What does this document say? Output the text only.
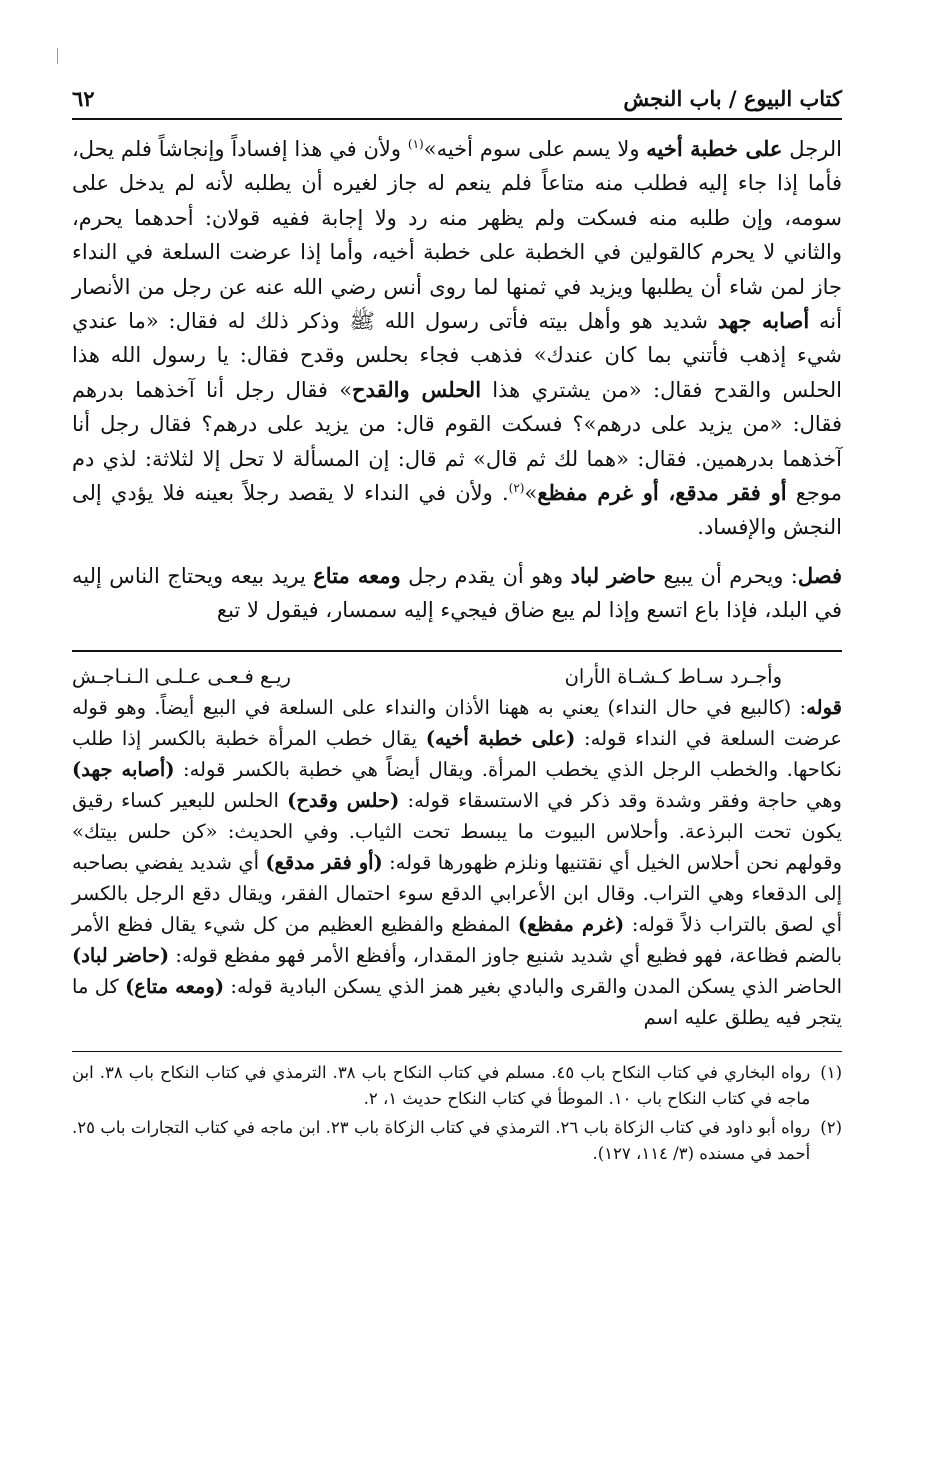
كتاب البيوع / باب النجش
٦٢

الرجل على خطبة أخيه ولا يسم على سوم أخيه»$^{(١)}$ ولأن في هذا إفساداً وإنجاشاً فلم يحل، فأما إذا جاء إليه فطلب منه متاعاً فلم ينعم له جاز لغيره أن يطلبه لأنه لم يدخل على سومه، وإن طلبه منه فسكت ولم يظهر منه رد ولا إجابة ففيه قولان: أحدهما يحرم، والثاني لا يحرم كالقولين في الخطبة على خطبة أخيه، وأما إذا عرضت السلعة في النداء جاز لمن شاء أن يطلبها ويزيد في ثمنها لما روى أنس رضي الله عنه عن رجل من الأنصار أنه أصابه جهد شديد هو وأهل بيته فأتى رسول الله ﷺ وذكر ذلك له فقال: «ما عندي شيء إذهب فأتني بما كان عندك» فذهب فجاء بحلس وقدح فقال: يا رسول الله هذا الحلس والقدح فقال: «من يشتري هذا الحلس والقدح» فقال رجل أنا آخذهما بدرهم فقال: «من يزيد على درهم»؟ فسكت القوم قال: من يزيد على درهم؟ فقال رجل أنا آخذهما بدرهمين. فقال: «هما لك ثم قال» ثم قال: إن المسألة لا تحل إلا لثلاثة: لذي دم موجع أو فقر مدقع، أو غرم مفظع»$^{(٢)}$. ولأن في النداء لا يقصد رجلاً بعينه فلا يؤدي إلى النجش والإفساد.

فصل: ويحرم أن يبيع حاضر لباد وهو أن يقدم رجل ومعه متاع يريد بيعه ويحتاج الناس إليه في البلد، فإذا باع اتسع وإذا لم يبع ضاق فيجيء إليه سمسار، فيقول لا تبع

وأجـرد سـاط كـشـاة الأران
ريـع فـعـى عـلـى الـنـاجـش

قوله: (كالبيع في حال النداء) يعني به ههنا الأذان والنداء على السلعة في البيع أيضاً. وهو قوله عرضت السلعة في النداء قوله: (على خطبة أخيه) يقال خطب المرأة خطبة بالكسر إذا طلب نكاحها. والخطب الرجل الذي يخطب المرأة. ويقال أيضاً هي خطبة بالكسر قوله: (أصابه جهد) وهي حاجة وفقر وشدة وقد ذكر في الاستسقاء قوله: (حلس وقدح) الحلس للبعير كساء رقيق يكون تحت البرذعة. وأحلاس البيوت ما يبسط تحت الثياب. وفي الحديث: «كن حلس بيتك» وقولهم نحن أحلاس الخيل أي نقتنيها ونلزم ظهورها قوله: (أو فقر مدقع) أي شديد يفضي بصاحبه إلى الدقعاء وهي التراب. وقال ابن الأعرابي الدقع سوء احتمال الفقر، ويقال دقع الرجل بالكسر أي لصق بالتراب ذلاً قوله: (غرم مفظع) المفظع والفظيع العظيم من كل شيء يقال فظع الأمر بالضم فظاعة، فهو فظيع أي شديد شنيع جاوز المقدار، وأفظع الأمر فهو مفظع قوله: (حاضر لباد) الحاضر الذي يسكن المدن والقرى والبادي بغير همز الذي يسكن البادية قوله: (ومعه متاع) كل ما يتجر فيه يطلق عليه اسم

(١)
رواه البخاري في كتاب النكاح باب ٤٥. مسلم في كتاب النكاح باب ٣٨. الترمذي في كتاب النكاح باب ٣٨. ابن ماجه في كتاب النكاح باب ١٠. الموطأ في كتاب النكاح حديث ١، ٢.
(٢)
رواه أبو داود في كتاب الزكاة باب ٢٦. الترمذي في كتاب الزكاة باب ٢٣. ابن ماجه في كتاب التجارات باب ٢٥. أحمد في مسنده (٣/ ١١٤، ١٢٧).
